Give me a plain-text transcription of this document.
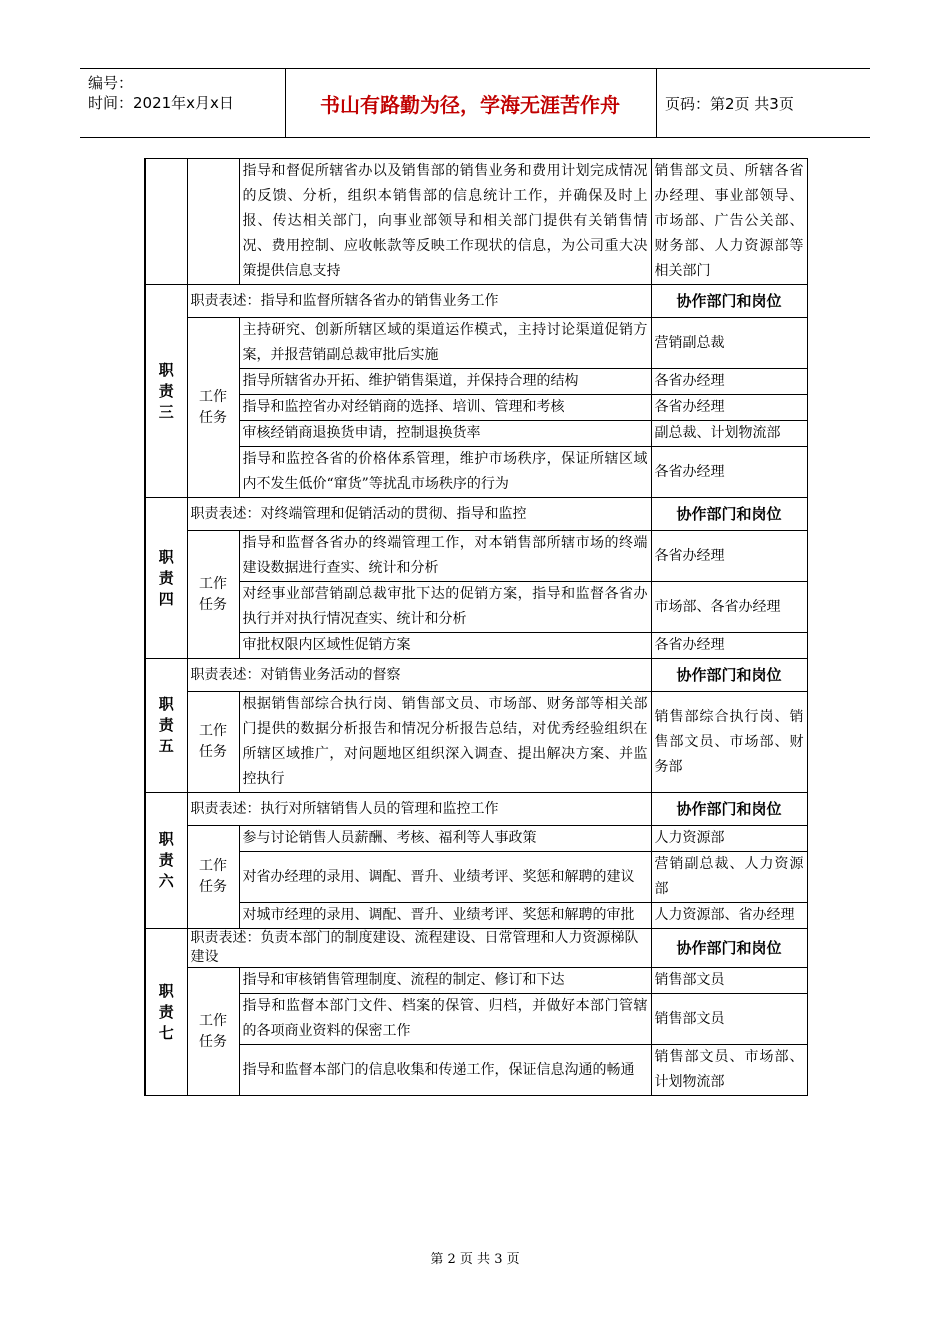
编号：
时间：2021年x月x日	书山有路勤为径，学海无涯苦作舟	页码：第2页 共3页
		指导和督促所辖省办以及销售部的销售业务和费用计划完成情况的反馈、分析，组织本销售部的信息统计工作，并确保及时上报、传达相关部门，向事业部领导和相关部门提供有关销售情况、费用控制、应收帐款等反映工作现状的信息，为公司重大决策提供信息支持	销售部文员、所辖各省办经理、事业部领导、市场部、广告公关部、财务部、人力资源部等相关部门
职责三	职责表述：指导和监督所辖各省办的销售业务工作		协作部门和岗位
	工作任务	主持研究、创新所辖区域的渠道运作模式，主持讨论渠道促销方案，并报营销副总裁审批后实施	营销副总裁
		指导所辖省办开拓、维护销售渠道，并保持合理的结构	各省办经理
		指导和监控省办对经销商的选择、培训、管理和考核	各省办经理
		审核经销商退换货申请，控制退换货率	副总裁、计划物流部
		指导和监控各省的价格体系管理，维护市场秩序，保证所辖区域内不发生低价“窜货”等扰乱市场秩序的行为	各省办经理
职责四	职责表述：对终端管理和促销活动的贯彻、指导和监控		协作部门和岗位
	工作任务	指导和监督各省办的终端管理工作，对本销售部所辖市场的终端建设数据进行查实、统计和分析	各省办经理
		对经事业部营销副总裁审批下达的促销方案，指导和监督各省办执行并对执行情况查实、统计和分析	市场部、各省办经理
		审批权限内区域性促销方案	各省办经理
职责五	职责表述：对销售业务活动的督察		协作部门和岗位
	工作任务	根据销售部综合执行岗、销售部文员、市场部、财务部等相关部门提供的数据分析报告和情况分析报告总结，对优秀经验组织在所辖区域推广，对问题地区组织深入调查、提出解决方案、并监控执行	销售部综合执行岗、销售部文员、市场部、财务部
职责六	职责表述：执行对所辖销售人员的管理和监控工作		协作部门和岗位
	工作任务	参与讨论销售人员薪酬、考核、福利等人事政策	人力资源部
		对省办经理的录用、调配、晋升、业绩考评、奖惩和解聘的建议	营销副总裁、人力资源部
		对城市经理的录用、调配、晋升、业绩考评、奖惩和解聘的审批	人力资源部、省办经理
职责七	职责表述：负责本部门的制度建设、流程建设、日常管理和人力资源梯队建设		协作部门和岗位
	工作任务	指导和审核销售管理制度、流程的制定、修订和下达	销售部文员
		指导和监督本部门文件、档案的保管、归档，并做好本部门管辖的各项商业资料的保密工作	销售部文员
		指导和监督本部门的信息收集和传递工作，保证信息沟通的畅通	销售部文员、市场部、计划物流部
第 2 页 共 3 页
